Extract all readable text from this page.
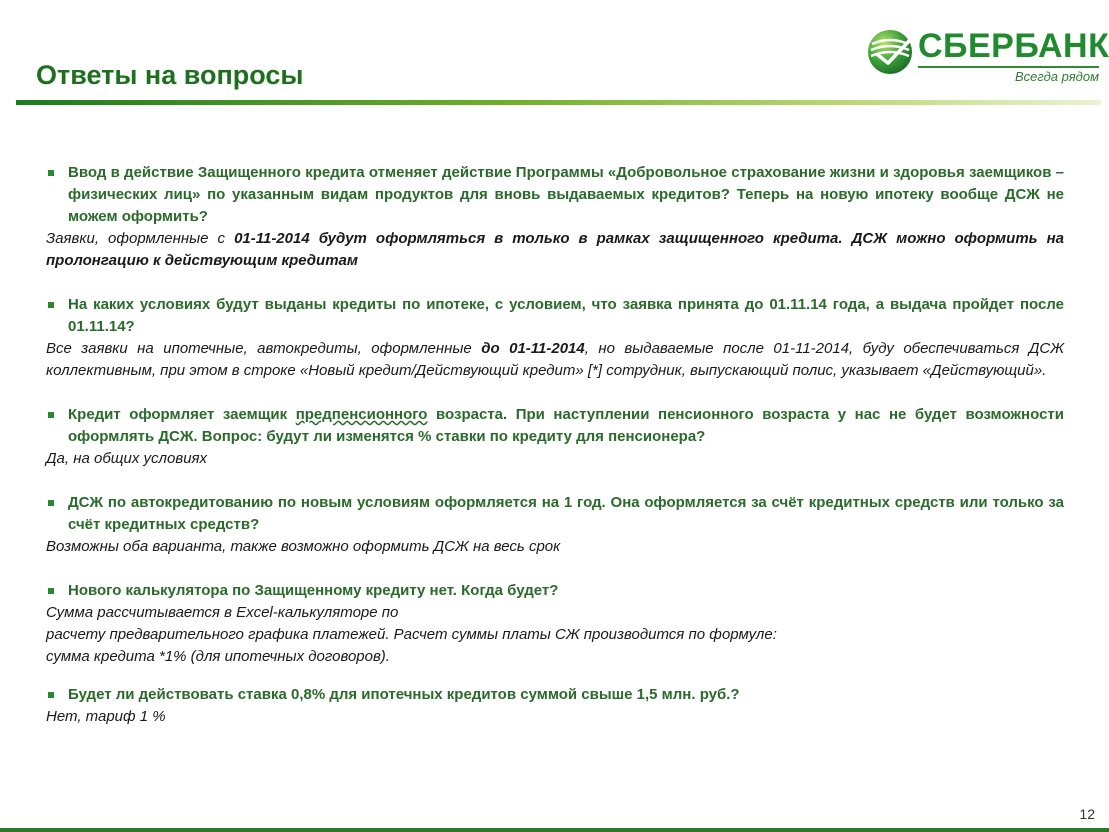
Ответы на вопросы
СБЕРБАНК
Всегда рядом

Ввод в действие Защищенного кредита отменяет действие Программы «Добровольное страхование жизни и здоровья заемщиков – физических лиц» по указанным видам продуктов для вновь выдаваемых кредитов? Теперь на новую ипотеку вообще ДСЖ не можем оформить?

Заявки, оформленные с 01-11-2014 будут оформляться в только в рамках защищенного кредита. ДСЖ можно оформить на пролонгацию к действующим кредитам

На каких условиях будут выданы кредиты по ипотеке, с условием, что заявка принята до 01.11.14 года, а выдача пройдет после 01.11.14?

Все заявки на ипотечные, автокредиты, оформленные до 01-11-2014, но выдаваемые после 01-11-2014, буду обеспечиваться ДСЖ коллективным, при этом в строке «Новый кредит/Действующий кредит» [*] сотрудник, выпускающий полис, указывает «Действующий».

Кредит оформляет заемщик предпенсионного возраста. При наступлении пенсионного возраста у нас не будет возможности оформлять ДСЖ. Вопрос: будут ли изменятся % ставки по кредиту для пенсионера?

Да, на общих условиях

ДСЖ по автокредитованию по новым условиям оформляется на 1 год. Она оформляется за счёт кредитных средств или только за счёт кредитных средств?

Возможны оба варианта, также возможно оформить ДСЖ на весь срок

Нового калькулятора по Защищенному кредиту нет. Когда будет?

Сумма рассчитывается в Excel-калькуляторе по
расчету предварительного графика платежей. Расчет суммы платы СЖ производится по формуле:
сумма кредита *1% (для ипотечных договоров).

Будет ли действовать ставка 0,8% для ипотечных кредитов суммой свыше 1,5 млн. руб.?

Нет, тариф 1 %

12
